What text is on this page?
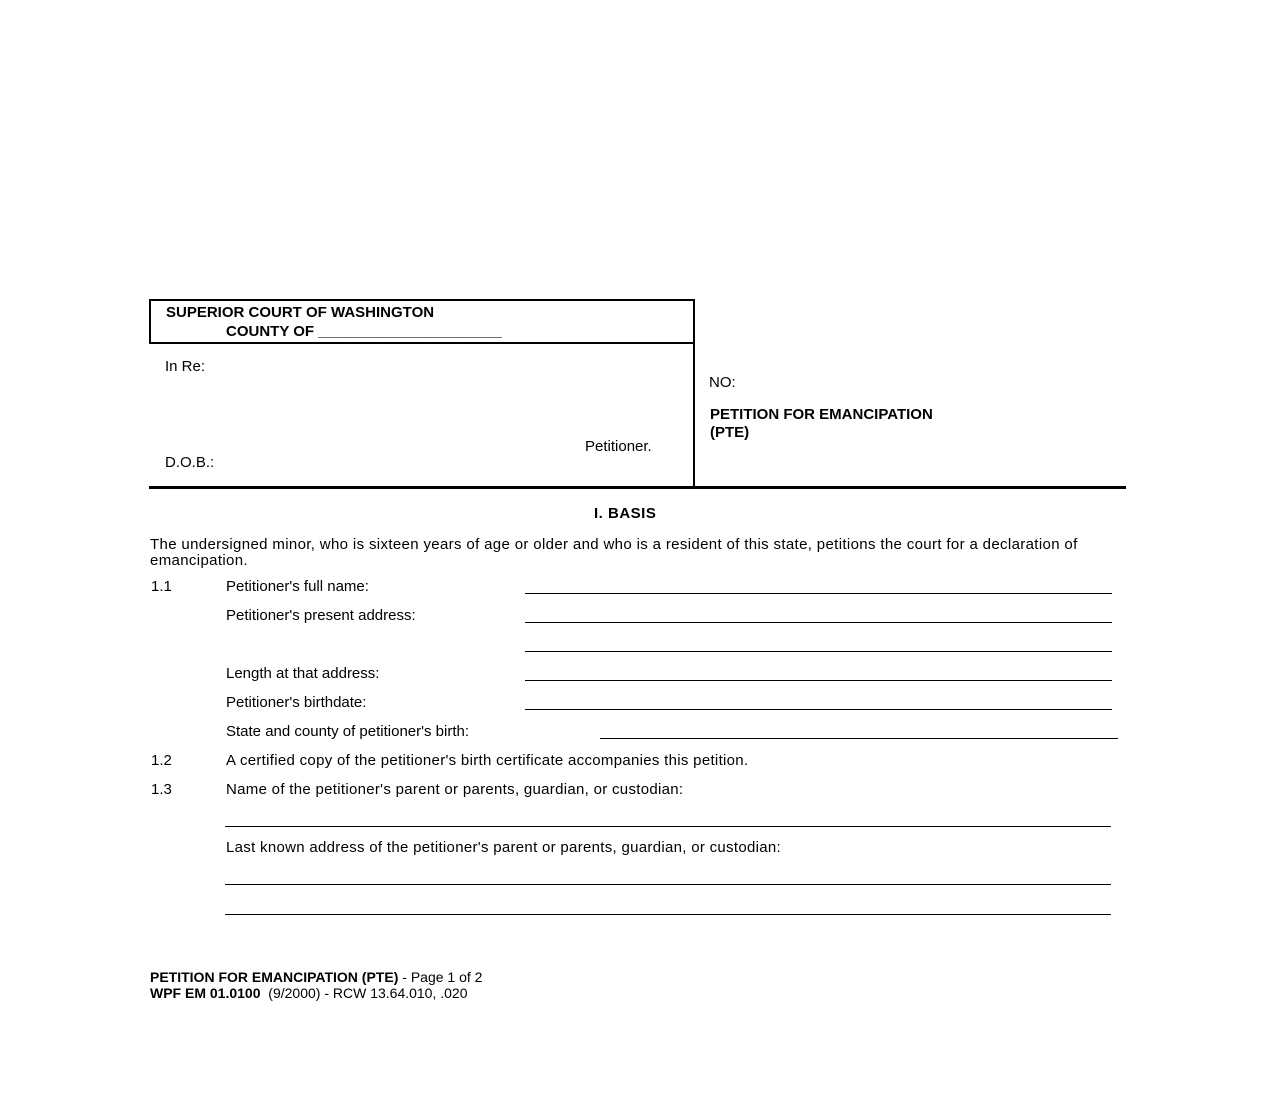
SUPERIOR COURT OF WASHINGTON
COUNTY OF ______________________
In Re:
Petitioner.
D.O.B.:
NO:
PETITION FOR EMANCIPATION
(PTE)
I. BASIS
The undersigned minor, who is sixteen years of age or older and who is a resident of this state, petitions the court for a declaration of emancipation.
1.1	Petitioner's full name:
Petitioner's present address:
Length at that address:
Petitioner's birthdate:
State and county of petitioner's birth:
1.2	A certified copy of the petitioner's birth certificate accompanies this petition.
1.3	Name of the petitioner's parent or parents, guardian, or custodian:
Last known address of the petitioner's parent or parents, guardian, or custodian:
PETITION FOR EMANCIPATION (PTE) - Page 1 of 2
WPF EM 01.0100  (9/2000) - RCW 13.64.010, .020
